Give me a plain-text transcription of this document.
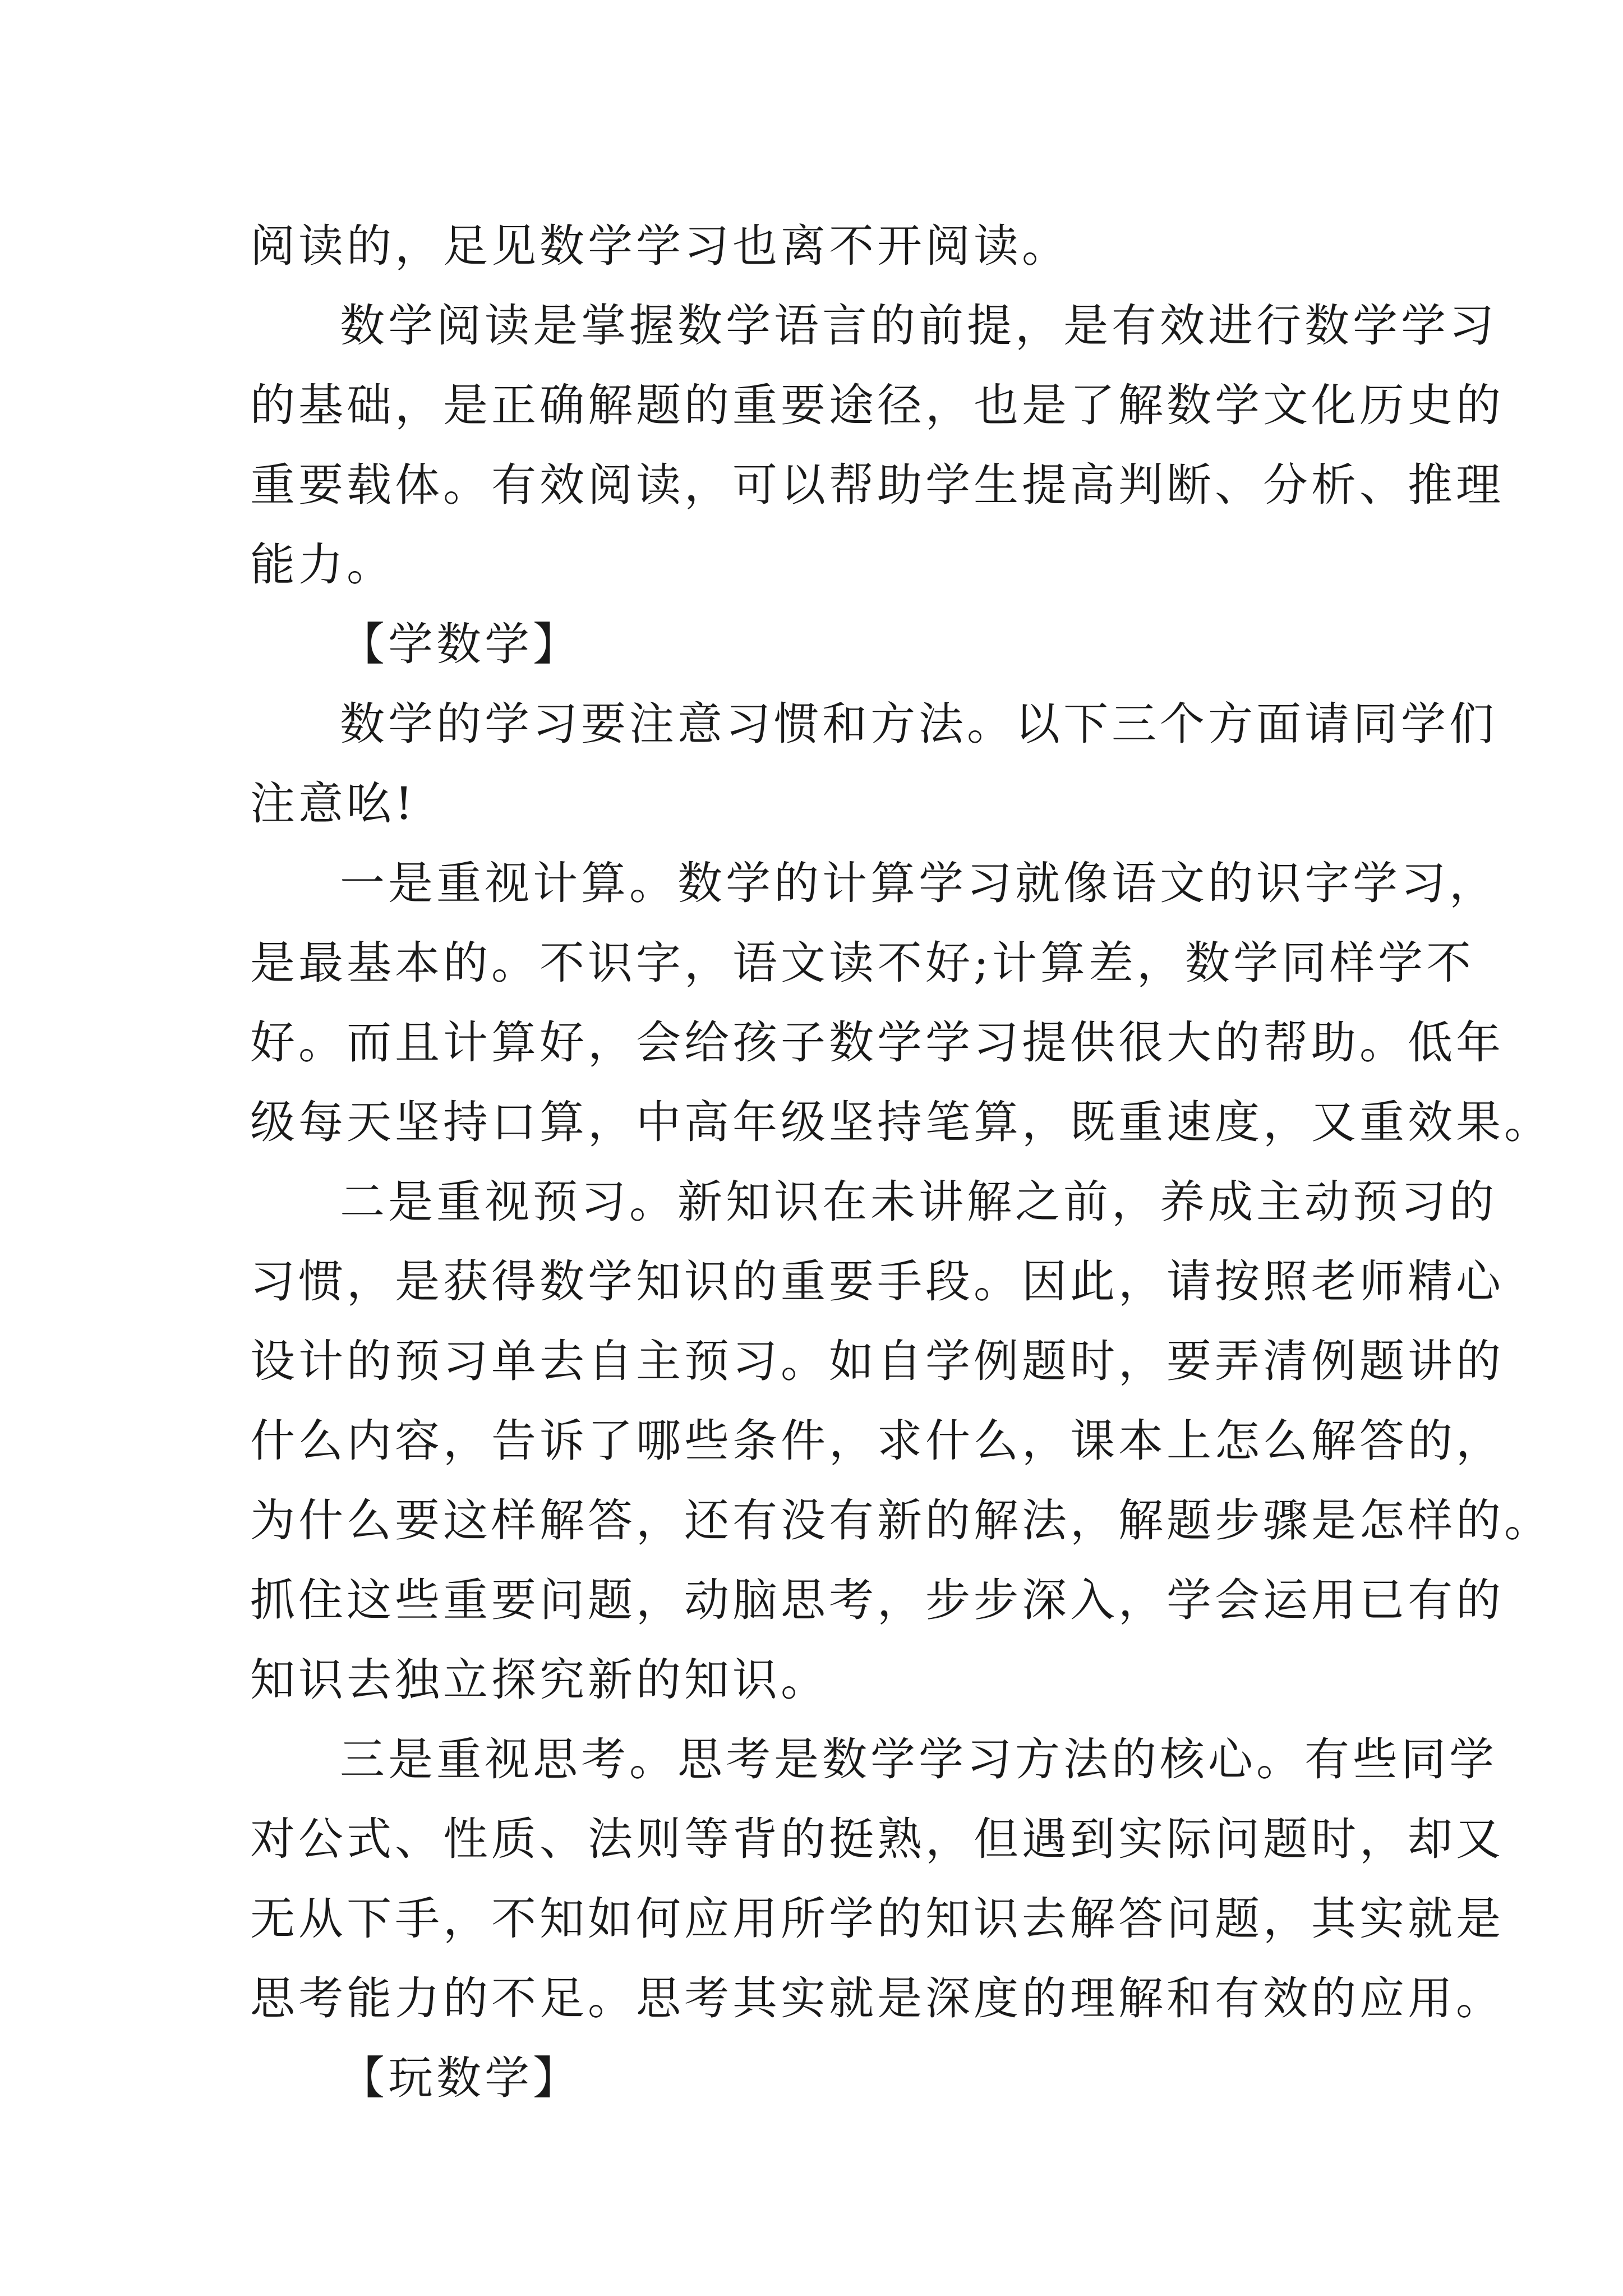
阅读的，足见数学学习也离不开阅读。
数学阅读是掌握数学语言的前提，是有效进行数学学习
的基础，是正确解题的重要途径，也是了解数学文化历史的
重要载体。有效阅读，可以帮助学生提高判断、分析、推理
能力。
【学数学】
数学的学习要注意习惯和方法。以下三个方面请同学们
注意吆!
一是重视计算。数学的计算学习就像语文的识字学习，
是最基本的。不识字，语文读不好;计算差，数学同样学不
好。而且计算好，会给孩子数学学习提供很大的帮助。低年
级每天坚持口算，中高年级坚持笔算，既重速度，又重效果。
二是重视预习。新知识在未讲解之前，养成主动预习的
习惯，是获得数学知识的重要手段。因此，请按照老师精心
设计的预习单去自主预习。如自学例题时，要弄清例题讲的
什么内容，告诉了哪些条件，求什么，课本上怎么解答的，
为什么要这样解答，还有没有新的解法，解题步骤是怎样的。
抓住这些重要问题，动脑思考，步步深入，学会运用已有的
知识去独立探究新的知识。
三是重视思考。思考是数学学习方法的核心。有些同学
对公式、性质、法则等背的挺熟，但遇到实际问题时，却又
无从下手，不知如何应用所学的知识去解答问题，其实就是
思考能力的不足。思考其实就是深度的理解和有效的应用。
【玩数学】
